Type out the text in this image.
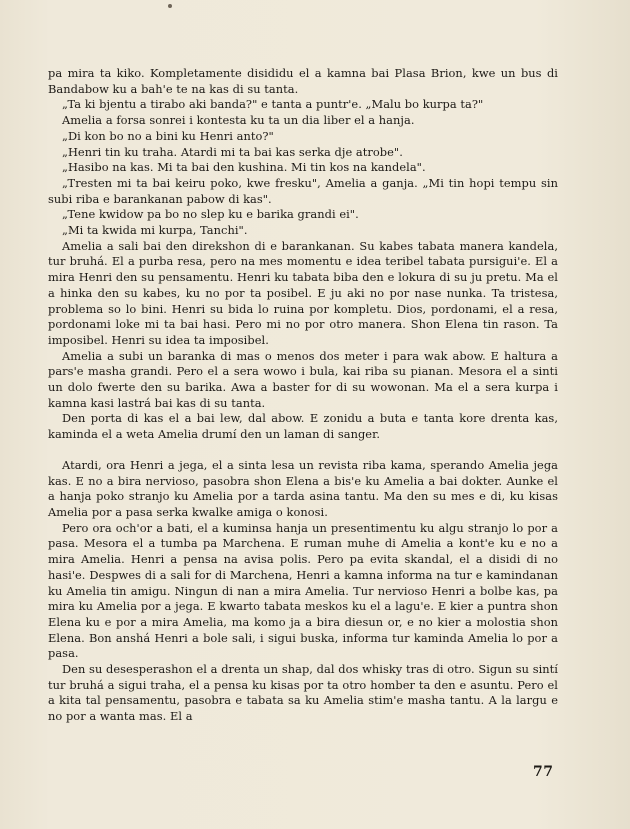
pa mira ta kiko. Kompletamente disididu el a kamna bai Plasa Brion, kwe un bus di Bandabow ku a bah'e te na kas di su tanta.

„Ta ki bjentu a tirabo aki banda?" e tanta a puntr'e. „Malu bo kurpa ta?"

Amelia a forsa sonrei i kontesta ku ta un dia liber el a hanja.

„Di kon bo no a bini ku Henri anto?"

„Henri tin ku traha. Atardi mi ta bai kas serka dje atrobe".

„Hasibo na kas. Mi ta bai den kushina. Mi tin kos na kandela".

„Tresten mi ta bai keiru poko, kwe fresku", Amelia a ganja. „Mi tin hopi tempu sin subi riba e barankanan pabow di kas".

„Tene kwidow pa bo no slep ku e barika grandi ei".

„Mi ta kwida mi kurpa, Tanchi".

Amelia a sali bai den direkshon di e barankanan. Su kabes tabata manera kandela, tur bruhá. El a purba resa, pero na mes momentu e idea teribel tabata pursigui'e. El a mira Henri den su pensamentu. Henri ku tabata biba den e lokura di su ju pretu. Ma el a hinka den su kabes, ku no por ta posibel. E ju aki no por nase nunka. Ta tristesa, problema so lo bini. Henri su bida lo ruina por kompletu. Dios, pordonami, el a resa, pordonami loke mi ta bai hasi. Pero mi no por otro manera. Shon Elena tin rason. Ta imposibel. Henri su idea ta imposibel.

Amelia a subi un baranka di mas o menos dos meter i para wak abow. E haltura a pars'e masha grandi. Pero el a sera wowo i bula, kai riba su pianan. Mesora el a sinti un dolo fwerte den su barika. Awa a baster for di su wowonan. Ma el a sera kurpa i kamna kasi lastrá bai kas di su tanta.

Den porta di kas el a bai lew, dal abow. E zonidu a buta e tanta kore drenta kas, kaminda el a weta Amelia drumí den un laman di sanger.

Atardi, ora Henri a jega, el a sinta lesa un revista riba kama, sperando Amelia jega kas. E no a bira nervioso, pasobra shon Elena a bis'e ku Amelia a bai dokter. Aunke el a hanja poko stranjo ku Amelia por a tarda asina tantu. Ma den su mes e di, ku kisas Amelia por a pasa serka kwalke amiga o konosi.

Pero ora och'or a bati, el a kuminsa hanja un presentimentu ku algu stranjo lo por a pasa. Mesora el a tumba pa Marchena. E ruman muhe di Amelia a kont'e ku e no a mira Amelia. Henri a pensa na avisa polis. Pero pa evita skandal, el a disidi di no hasi'e. Despwes di a sali for di Marchena, Henri a kamna informa na tur e kamindanan ku Amelia tin amigu. Ningun di nan a mira Amelia. Tur nervioso Henri a bolbe kas, pa mira ku Amelia por a jega. E kwarto tabata meskos ku el a lagu'e. E kier a puntra shon Elena ku e por a mira Amelia, ma komo ja a bira diesun or, e no kier a molostia shon Elena. Bon anshá Henri a bole sali, i sigui buska, informa tur kaminda Amelia lo por a pasa.

Den su desesperashon el a drenta un shap, dal dos whisky tras di otro. Sigun su sintí tur bruhá a sigui traha, el a pensa ku kisas por ta otro homber ta den e asuntu. Pero el a kita tal pensamentu, pasobra e tabata sa ku Amelia stim'e masha tantu. A la largu e no por a wanta mas. El a

77
